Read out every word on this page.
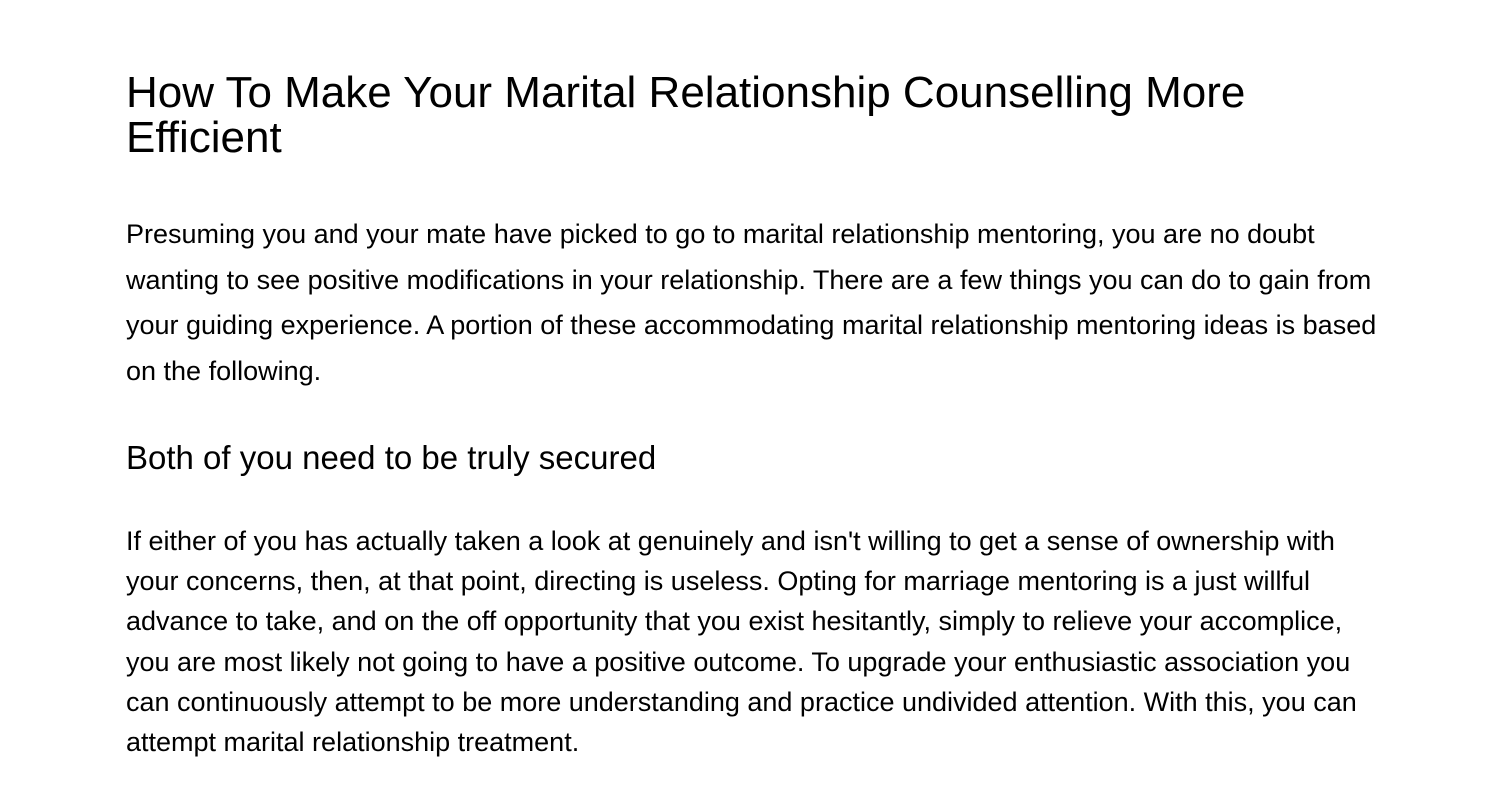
How To Make Your Marital Relationship Counselling More Efficient

Presuming you and your mate have picked to go to marital relationship mentoring, you are no doubt wanting to see positive modifications in your relationship. There are a few things you can do to gain from your guiding experience. A portion of these accommodating marital relationship mentoring ideas is based on the following.

Both of you need to be truly secured

If either of you has actually taken a look at genuinely and isn't willing to get a sense of ownership with your concerns, then, at that point, directing is useless. Opting for marriage mentoring is a just willful advance to take, and on the off opportunity that you exist hesitantly, simply to relieve your accomplice, you are most likely not going to have a positive outcome. To upgrade your enthusiastic association you can continuously attempt to be more understanding and practice undivided attention. With this, you can attempt marital relationship treatment.
